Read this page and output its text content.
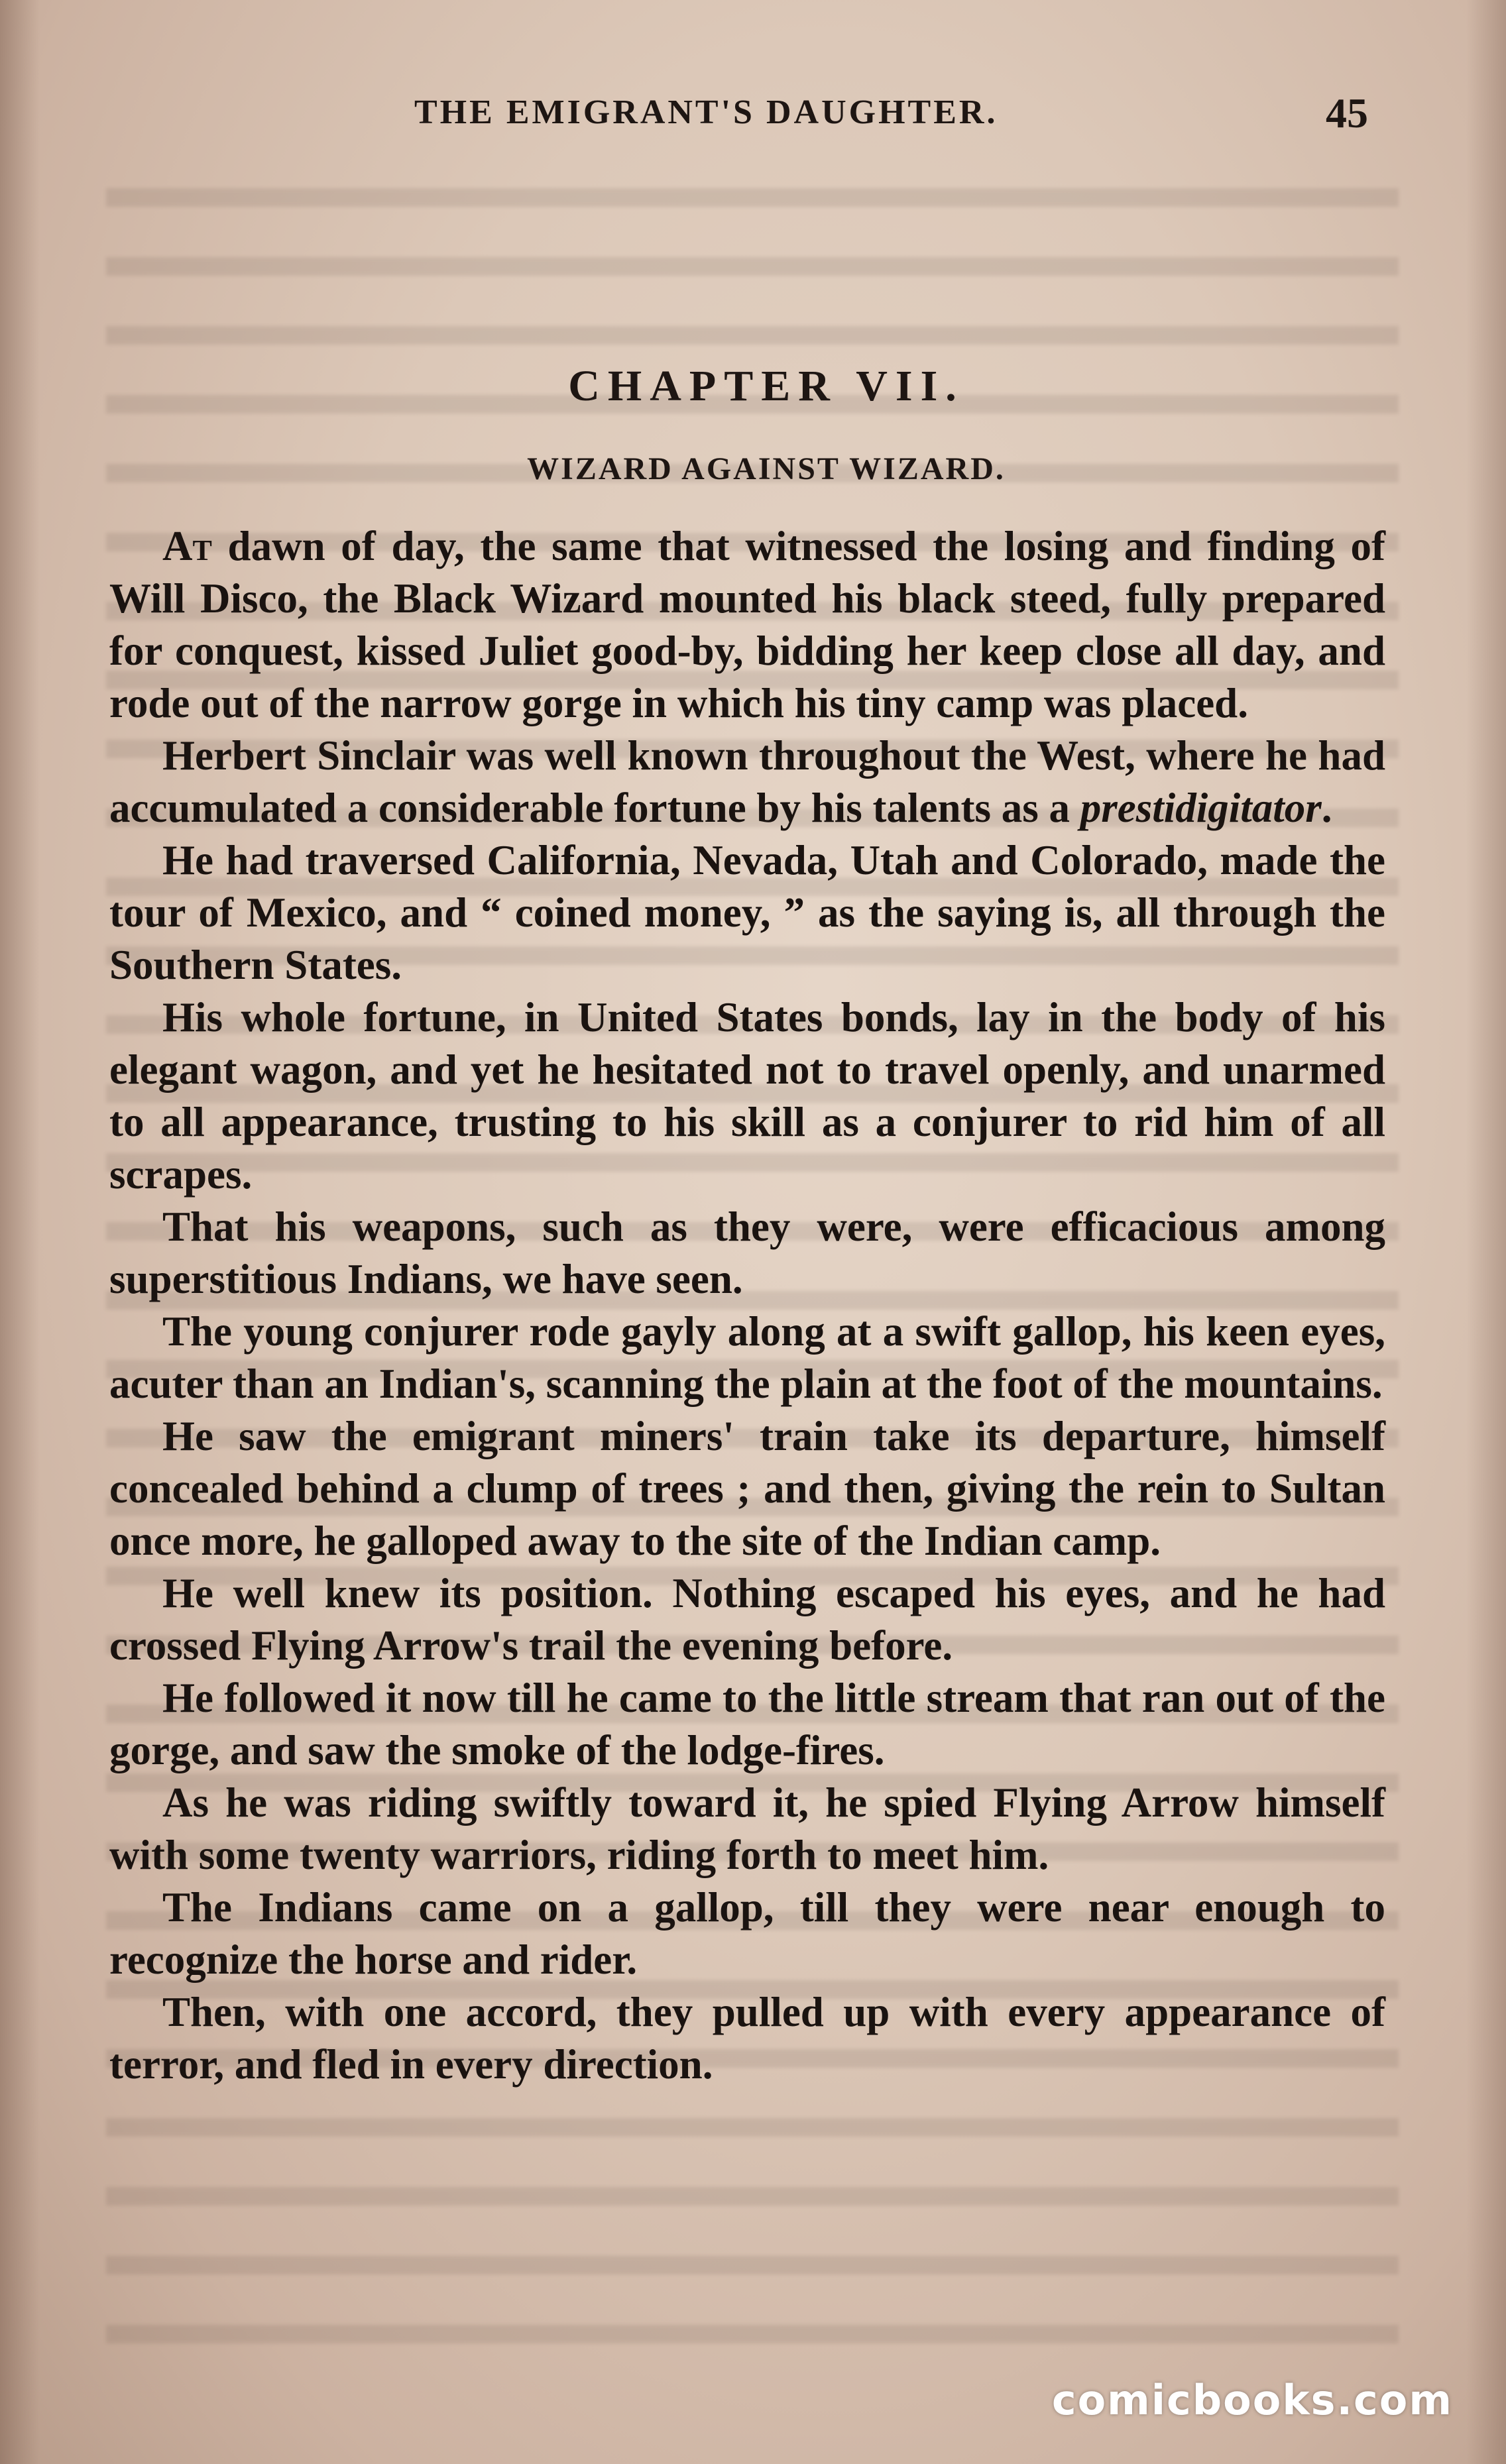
THE EMIGRANT'S DAUGHTER.	45
CHAPTER VII.
WIZARD AGAINST WIZARD.

At dawn of day, the same that witnessed the losing and finding of Will Disco, the Black Wizard mounted his black steed, fully prepared for conquest, kissed Juliet good-by, bidding her keep close all day, and rode out of the narrow gorge in which his tiny camp was placed.

Herbert Sinclair was well known throughout the West, where he had accumulated a considerable fortune by his talents as a prestidigitator.

He had traversed California, Nevada, Utah and Colorado, made the tour of Mexico, and “ coined money, ” as the saying is, all through the Southern States.

His whole fortune, in United States bonds, lay in the body of his elegant wagon, and yet he hesitated not to travel openly, and unarmed to all appearance, trusting to his skill as a conjurer to rid him of all scrapes.

That his weapons, such as they were, were efficacious among superstitious Indians, we have seen.

The young conjurer rode gayly along at a swift gallop, his keen eyes, acuter than an Indian's, scanning the plain at the foot of the mountains.

He saw the emigrant miners' train take its departure, himself concealed behind a clump of trees ; and then, giving the rein to Sultan once more, he galloped away to the site of the Indian camp.

He well knew its position. Nothing escaped his eyes, and he had crossed Flying Arrow's trail the evening before.

He followed it now till he came to the little stream that ran out of the gorge, and saw the smoke of the lodge-fires.

As he was riding swiftly toward it, he spied Flying Arrow himself with some twenty warriors, riding forth to meet him.

The Indians came on a gallop, till they were near enough to recognize the horse and rider.

Then, with one accord, they pulled up with every appearance of terror, and fled in every direction.

comicbooks.com
